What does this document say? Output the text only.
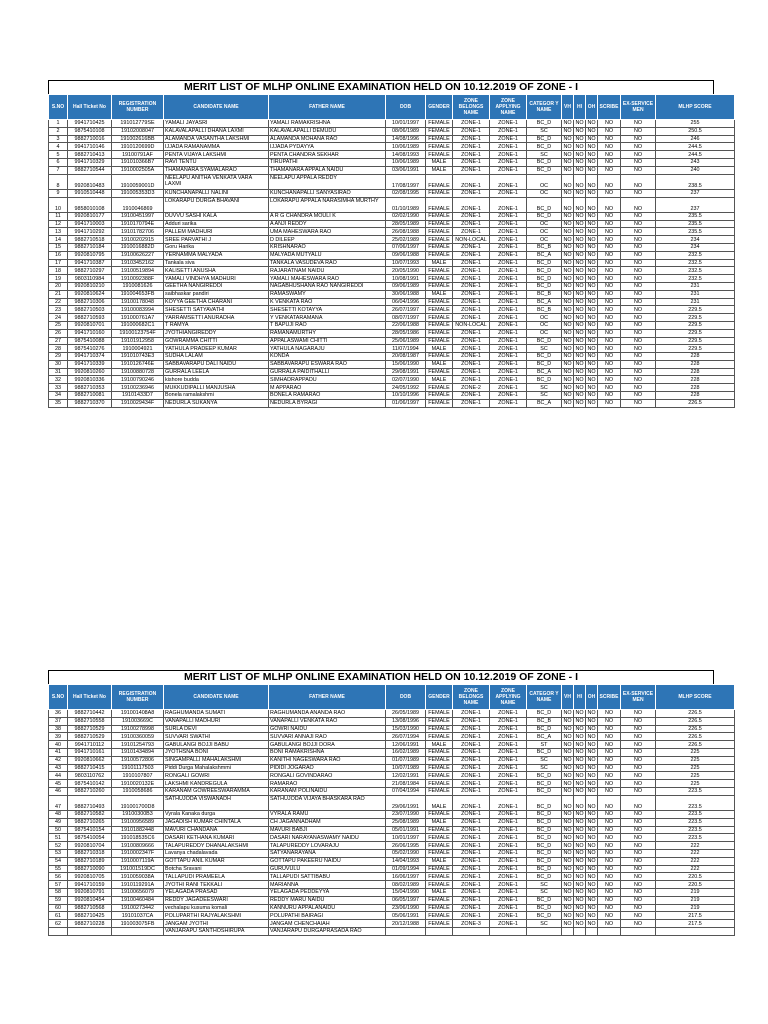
MERIT LIST OF MLHP ONLINE EXAMINATION HELD ON 10.12.2019 OF ZONE - I
S.NO	Hall Ticket No	REGISTRATION NUMBER	CANDIDATE NAME	FATHER NAME	DOB	GENDER	ZONE BELONGS NAME	ZONE APPLYING NAME	CATEGOR Y NAME	VH	HI	OH	SCRIBE	EX-SERVICE MEN	MLHP SCORE
1	9941710425	191012779SE	YAMALI JAYASRI	YAMALI RAMAKRISHNA	10/01/1997	FEMALE	ZONE-1	ZONE-1	BC_D	NO	NO	NO	NO	NO	255
2	9875410108	191020080​47	KALAVALAPALLI DHANA LAXMI	KALAVALAPALLI DEMUDU	08/06/1989	FEMALE	ZONE-1	ZONE-1	SC	NO	NO	NO	NO	NO	250.5
3	9882710016	19100261​6BB	ALAMANDA VASANTHA LAKSHMI	ALAMANDA MOHANA RAO	14/08/1996	FEMALE	ZONE-1	ZONE-1	BC_D	NO	NO	NO	NO	NO	246
4	9941710146	19101206​99D	IJJADA RAMANAMMA	IJJADA PYDAYYA	10/06/1989	FEMALE	ZONE-1	ZONE-1	BC_D	NO	NO	NO	NO	NO	244.5
5	9882710413	19100791AF	PENTA VIJAYA LAKSHMI	PENTA CHANDRA SEKHAR	14/08/1993	FEMALE	ZONE-1	ZONE-1	SC	NO	NO	NO	NO	NO	244.5
6	9941710329	191010366B7	RAVI TENTU	TIRUPATHI	10/06/1989	MALE	ZONE-1	ZONE-1	BC_D	NO	NO	NO	NO	NO	243
7	9882710544	19100025​05A	THAMANARA SYAMALARAO	THAMANARA APPALA NAIDU	03/06/1991	MALE	ZONE-1	ZONE-1	BC_D	NO	NO	NO	NO	NO	240
8	9920810483	19100590​01D	NEELAPU ANITHA VENKATA VARA LAXMI	NEELAPU APPALA REDDY	17/08/1997	FEMALE	ZONE-1	ZONE-1	OC	NO	NO	NO	NO	NO	238.5
9	9910510448	191005353​D3	KUNCHANAPALLI NALINI	KUNCHANAPALLI SANYASIRAO	02/08/1995	FEMALE	ZONE-1	ZONE-1	OC	NO	NO	NO	NO	NO	237
10	9858010108	19100468​69	LOKARAPU DURGA BHAVANI	LOKARAPU APPALA NARASIMHA MURTHY	01/10/1989	FEMALE	ZONE-1	ZONE-1	BC_D	NO	NO	NO	NO	NO	237
11	9920810177	19100451997	DUVVU SASHI KALA	A R G CHANDRA MOULI K	02/02/1990	FEMALE	ZONE-1	ZONE-1	BC_D	NO	NO	NO	NO	NO	235.5
12	9941710003	19101707​94E	Adduri sarika	A ANJI REDDY	28/05/1989	FEMALE	ZONE-1	ZONE-1	OC	NO	NO	NO	NO	NO	235.5
13	9941710292	19101782​706	PALLEM MADHURI	UMA MAHESWARA RAO	26/08/1988	FEMALE	ZONE-1	ZONE-1	OC	NO	NO	NO	NO	NO	235.5
14	9882710518	19100202​915	SREE PARVATHI J	D DILEEP	25/02/1989	FEMALE	NON-LOCAL	ZONE-1	OC	NO	NO	NO	NO	NO	234
15	9882710184	19100168​82D	Goru Harika	KRISHNARAO	07/06/1997	FEMALE	ZONE-1	ZONE-1	BC_B	NO	NO	NO	NO	NO	234
16	9920810795	19100626​227	YERNAMMA MALYADA	MALYADA MUTYALU	09/06/1988	FEMALE	ZONE-1	ZONE-1	BC_A	NO	NO	NO	NO	NO	232.5
17	9941710387	19103452​162	Tankala siva	TANKALA VASUDEVA RAO	10/07/1993	MALE	ZONE-1	ZONE-1	BC_D	NO	NO	NO	NO	NO	232.5
18	9882710297	19100519​894	KALISETTI ANUSHA	RAJARATNAM NAIDU	20/05/1990	FEMALE	ZONE-1	ZONE-1	BC_D	NO	NO	NO	NO	NO	232.5
19	9803110984	19100923​88F	YAMALI VINDHYA MADHURI	YAMALI MAHESWARA RAO	10/08/1991	FEMALE	ZONE-1	ZONE-1	BC_D	NO	NO	NO	NO	NO	232.5
20	9920810210	19100816​26	GEETHA NANGIREDDI	NAGABHUSHANA RAO NANGIREDDI	09/06/1989	FEMALE	ZONE-1	ZONE-1	BC_D	NO	NO	NO	NO	NO	231
21	9920810624	19100465​3FB	saibhaskar pandiri	RAMASWAMY	30/06/1988	MALE	ZONE-1	ZONE-1	BC_B	NO	NO	NO	NO	NO	231
22	9882710306	19100178​048	KOYYA GEETHA CHARANI	K VENKATA RAO	06/04/1996	FEMALE	ZONE-1	ZONE-1	BC_A	NO	NO	NO	NO	NO	231
23	9882710503	19100083​994	SHESETTI SATYAVATHI	SHESETTI KOTAYYA	26/07/1997	FEMALE	ZONE-1	ZONE-1	BC_B	NO	NO	NO	NO	NO	229.5
24	9882710593	19100076​1A7	YARRAMSETTI ANURADHA	Y VENKATARAMANA	08/07/1997	FEMALE	ZONE-1	ZONE-1	OC	NO	NO	NO	NO	NO	229.5
25	9920810701	19100068​2C1	T RAMYA	T BAPUJI RAO	22/06/1988	FEMALE	NON-LOCAL	ZONE-1	OC	NO	NO	NO	NO	NO	229.5
26	9941710160	19100123​754F	JYOTHIANGIREDDY	RAMANAMURTHY	28/05/1986	FEMALE	ZONE-1	ZONE-1	OC	NO	NO	NO	NO	NO	229.5
27	9875410088	19101912​958	GOWRAMMA CHITTI	APPALASWAMI CHITTI	25/06/1989	FEMALE	ZONE-1	ZONE-1	BC_D	NO	NO	NO	NO	NO	229.5
28	9875410276	19100049​21	YATHULA PRADEEP KUMAR	YATHULA NAGARAJU	11/07/1994	MALE	ZONE-1	ZONE-1	SC	NO	NO	NO	NO	NO	229.5
29	9941710374	19101074​3E3	SUDHA LALAM	KONDA	20/08/1987	FEMALE	ZONE-1	ZONE-1	BC_D	NO	NO	NO	NO	NO	228
30	9941710339	19101267​46E	SABBAVARAPU DALI NAIDU	SABBAVARAPU ESWARA RAO	15/06/1990	MALE	ZONE-1	ZONE-1	BC_D	NO	NO	NO	NO	NO	228
31	9920810260	19100880​728	GURRALA LEELA	GURRALA PAIDITHALLI	29/08/1991	FEMALE	ZONE-1	ZONE-1	BC_A	NO	NO	NO	NO	NO	228
32	9920810336	19100790​246	kishore budda	SIMHADRAPPADU	02/07/1990	MALE	ZONE-1	ZONE-1	BC_D	NO	NO	NO	NO	NO	228
33	9882710353	19100236​946	MUKKUDIPALLI MANJUSHA	M APPARAO	24/05/1992	FEMALE	ZONE-2	ZONE-1	SC	NO	NO	NO	NO	NO	228
34	9882710081	19101433​D7	Bonela ramalakshmi	BONELA RAMARAO	10/10/1996	FEMALE	ZONE-1	ZONE-1	SC	NO	NO	NO	NO	NO	228
35	9882710370	19100294​34F	NEDURLA SUKANYA	NEDURLA BYRAGI	01/06/1997	FEMALE	ZONE-1	ZONE-1	BC_A	NO	NO	NO	NO	NO	226.5
MERIT LIST OF MLHP ONLINE EXAMINATION HELD ON 10.12.2019 OF ZONE - I
S.NO	Hall Ticket No	REGISTRATION NUMBER	CANDIDATE NAME	FATHER NAME	DOB	GENDER	ZONE BELONGS NAME	ZONE APPLYING NAME	CATEGOR Y NAME	VH	HI	OH	SCRIBE	EX-SERVICE MEN	MLHP SCORE
36	9882710442	19100140​8A8	RAGHUMANDA SUMATI	RAGHUMANDA ANANDA RAO	26/05/1989	FEMALE	ZONE-1	ZONE-1	BC_D	NO	NO	NO	NO	NO	226.5
37	9882710558	19100366​9C	VANAPALLI MADHURI	VANAPALLI VENKATA RAO	13/08/1996	FEMALE	ZONE-1	ZONE-1	BC_B	NO	NO	NO	NO	NO	226.5
38	9882710529	19100278​998	SURLA DEVI	GOWRI NAIDU	15/03/1990	FEMALE	ZONE-1	ZONE-1	BC_D	NO	NO	NO	NO	NO	226.5
39	9882710529	19100360​059	SUVVARI SWATHI	SUVVARI ANNAJI RAO	26/07/1994	FEMALE	ZONE-1	ZONE-1	BC_A	NO	NO	NO	NO	NO	226.5
40	9941710112	19101254​793	GABULANGI BOJJI BABU	GABULANGI BOJJI DORA	12/06/1991	MALE	ZONE-1	ZONE-1	ST	NO	NO	NO	NO	NO	226.5
41	9941710161	19101434​894	JYOTHSNA BONI	BONI RAMAKRISHNA	16/02/1989	FEMALE	ZONE-1	ZONE-1	BC_D	NO	NO	NO	NO	NO	225
42	9920810662	19100572​806	SINGAMPALLI MAHALAKSHMI	KANITHI NAGESWARA RAO	01/07/1989	FEMALE	ZONE-1	ZONE-1	SC	NO	NO	NO	NO	NO	225
43	9882710415	19101117​503	Piddi Durga Mahalakshmmi	PIDIDI JOGARAO	10/07/1989	FEMALE	ZONE-1	ZONE-1	SC	NO	NO	NO	NO	NO	225
44	9803110762	19101078​07	RONGALI GOWRI	RONGALI GOVINDARAO	12/02/1991	FEMALE	ZONE-1	ZONE-1	BC_D	NO	NO	NO	NO	NO	225
45	9875410142	19100201​32E	LAKSHMI KANDREGULA	RAMARAO	21/08/1984	FEMALE	ZONE-1	ZONE-1	BC_D	NO	NO	NO	NO	NO	225
46	9882710260	19100586​86	KARANAM GOWREESWARAMMA	KARANAM POLINAIDU	07/04/1994	FEMALE	ZONE-1	ZONE-1	BC_D	NO	NO	NO	NO	NO	223.5
47	9882710493	19100170​0D8	SATHUJODA VISWANADH	SATHUJODA VIJAYA BHASKARA RAO	29/06/1991	MALE	ZONE-1	ZONE-1	BC_D	NO	NO	NO	NO	NO	223.5
48	9882710582	19100300​B3	Vyrala Kanaka durga	VYRALA RAMU	23/07/1990	FEMALE	ZONE-1	ZONE-1	BC_D	NO	NO	NO	NO	NO	223.5
49	9882710265	19100956​589	JAGADISH KUMAR CHINTALA	CH JAGANNADHAM	25/08/1989	MALE	ZONE-1	ZONE-1	BC_D	NO	NO	NO	NO	NO	223.5
50	9875410154	19101882​448	MAVURI CHANDANA	MAVURI BABJI	05/01/1991	FEMALE	ZONE-1	ZONE-1	BC_D	NO	NO	NO	NO	NO	223.5
51	9875410054	19101853​5C6	DASARI KETHANA KUMARI	DASARI NARAYANASWAMY NAIDU	10/01/1997	FEMALE	ZONE-1	ZONE-1	BC_D	NO	NO	NO	NO	NO	223.5
52	9920810704	19100809​666	TALAPUREDDY DHANALAKSHMI	TALAPUREDDY LOVARAJU	26/06/1995	FEMALE	ZONE-1	ZONE-1	BC_D	NO	NO	NO	NO	NO	222
53	9882710318	19100023​47F	Lavanya chadalavada	SATYANARAYANA	05/02/1990	FEMALE	ZONE-1	ZONE-1	BC_D	NO	NO	NO	NO	NO	222
54	9882710189	19100071​19A	GOTTAPU ANIL KUMAR	GOTTAPU PAKEERU NAIDU	14/04/1993	MALE	ZONE-1	ZONE-1	BC_D	NO	NO	NO	NO	NO	222
55	9882710090	19100151​9DC	Botcha Sravani	GURUVULU	01/09/1994	FEMALE	ZONE-1	ZONE-1	BC_D	NO	NO	NO	NO	NO	222
56	9920810705	19100590​38A	TALLAPUDI PRAMEELA	TALLAPUDI SATTIBABU	16/06/1997	FEMALE	ZONE-1	ZONE-1	BC_D	NO	NO	NO	NO	NO	220.5
57	9941710159	19101192​91A	JYOTHI RANI TEKKALI	MARIANNA	08/02/1989	FEMALE	ZONE-1	ZONE-1	SC	NO	NO	NO	NO	NO	220.5
58	9920810791	19100656​079	YELAGADA PRASAD	YELAGADA PEDDEYYA	15/04/1990	MALE	ZONE-1	ZONE-1	SC	NO	NO	NO	NO	NO	219
59	9920810454	19100460​484	REDDY JAGADEESWARI	REDDY MARU NAIDU	06/05/1997	FEMALE	ZONE-1	ZONE-1	BC_D	NO	NO	NO	NO	NO	219
60	9882710568	19100273​442	vechalapu kusuma komali	KANNURU APPALANAIDU	23/06/1990	FEMALE	ZONE-1	ZONE-1	BC_D	NO	NO	NO	NO	NO	219
61	9882710425	19101037​CA	POLUPARTHI RAJYALAKSHMI	POLUPATHI BAIRAGI	05/06/1991	FEMALE	ZONE-1	ZONE-1	BC_D	NO	NO	NO	NO	NO	217.5
62	9882710228	19100307​5FB	JANGAM JYOTHI	JANGAM CHENCHAIAH	20/12/1988	FEMALE	ZONE-3	ZONE-1	SC	NO	NO	NO	NO	NO	217.5
			VANJARAPU SANTHOSHIRUPA	VANJARAPU DURGAPRASADA RAO											
